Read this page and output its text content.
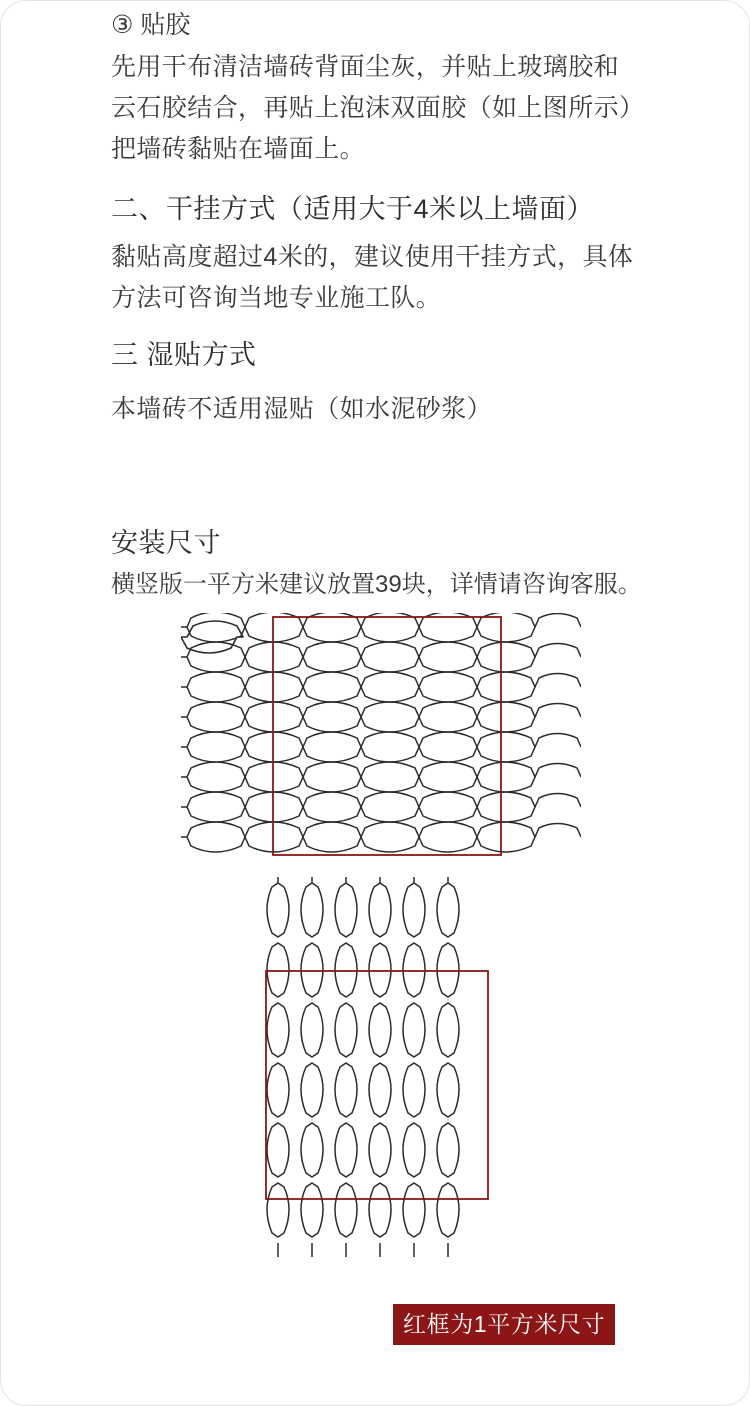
③ 贴胶
先用干布清洁墙砖背面尘灰，并贴上玻璃胶和云石胶结合，再贴上泡沫双面胶（如上图所示）把墙砖黏贴在墙面上。
二、干挂方式（适用大于4米以上墙面）
黏贴高度超过4米的，建议使用干挂方式，具体方法可咨询当地专业施工队。
三 湿贴方式
本墙砖不适用湿贴（如水泥砂浆）
安装尺寸
横竖版一平方米建议放置39块，详情请咨询客服。
红框为1平方米尺寸
